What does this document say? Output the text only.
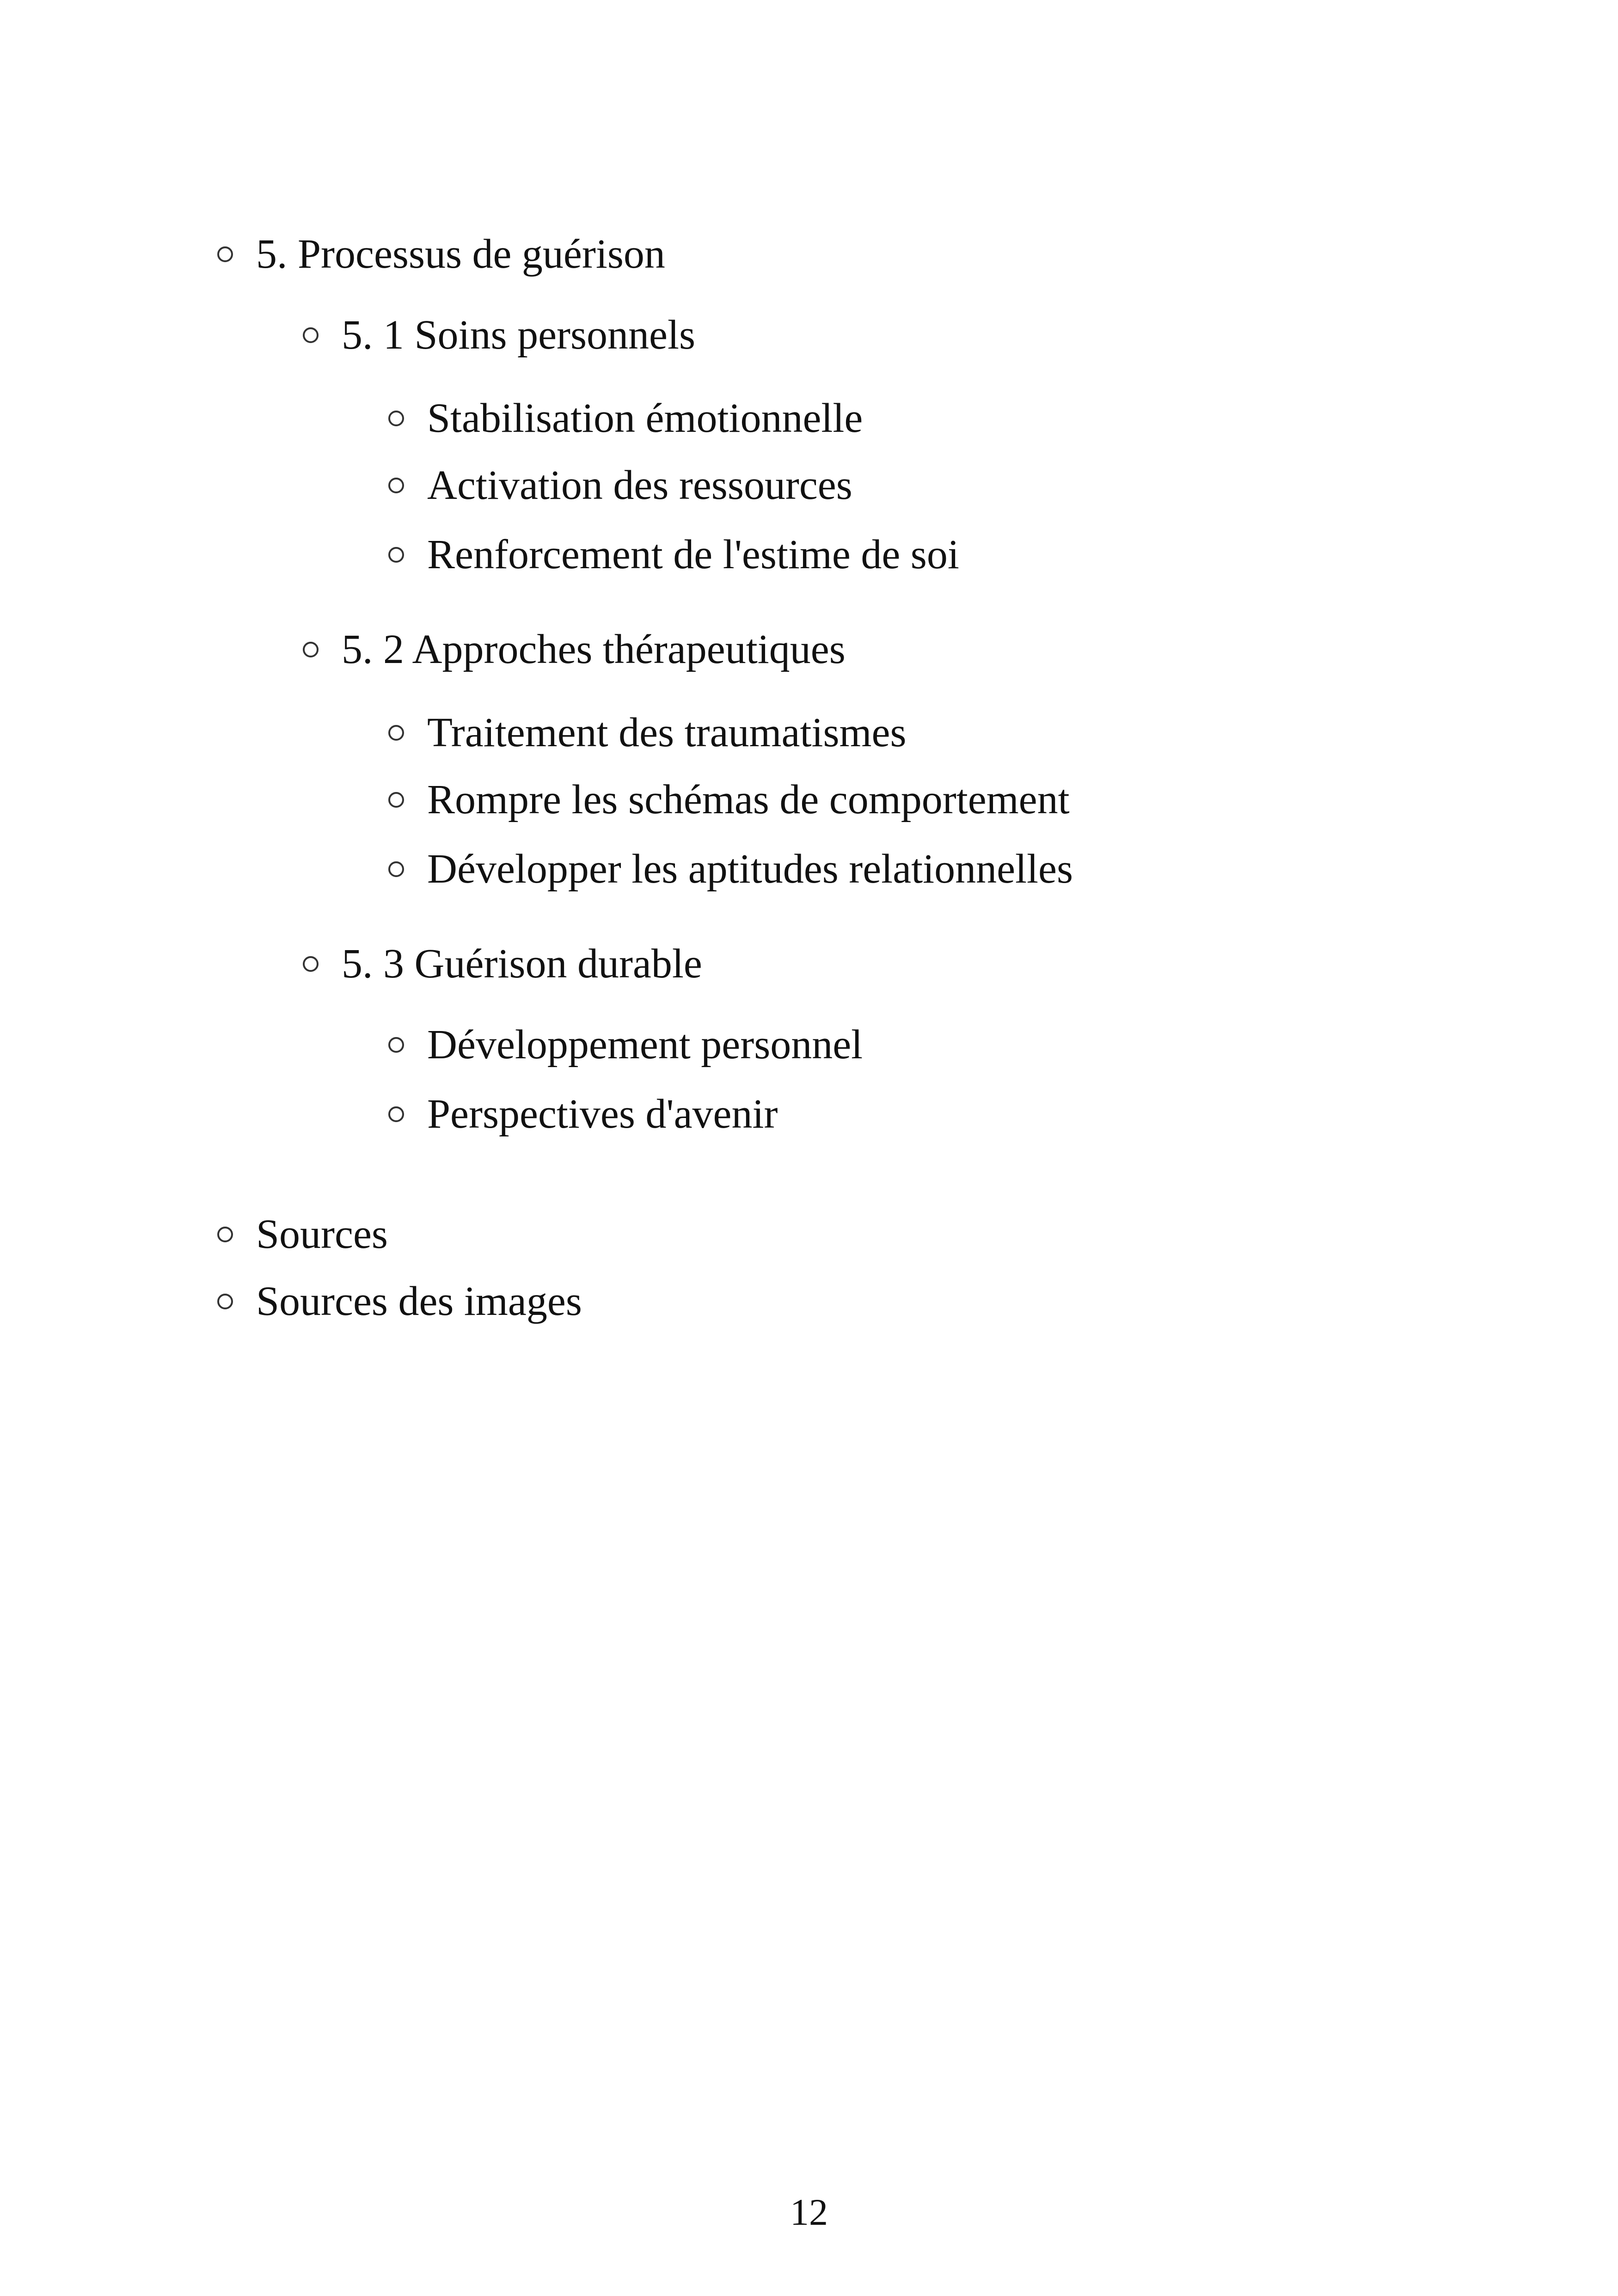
5. Processus de guérison
5. 1 Soins personnels
Stabilisation émotionnelle
Activation des ressources
Renforcement de l'estime de soi
5. 2 Approches thérapeutiques
Traitement des traumatismes
Rompre les schémas de comportement
Développer les aptitudes relationnelles
5. 3 Guérison durable
Développement personnel
Perspectives d'avenir
Sources
Sources des images
12
